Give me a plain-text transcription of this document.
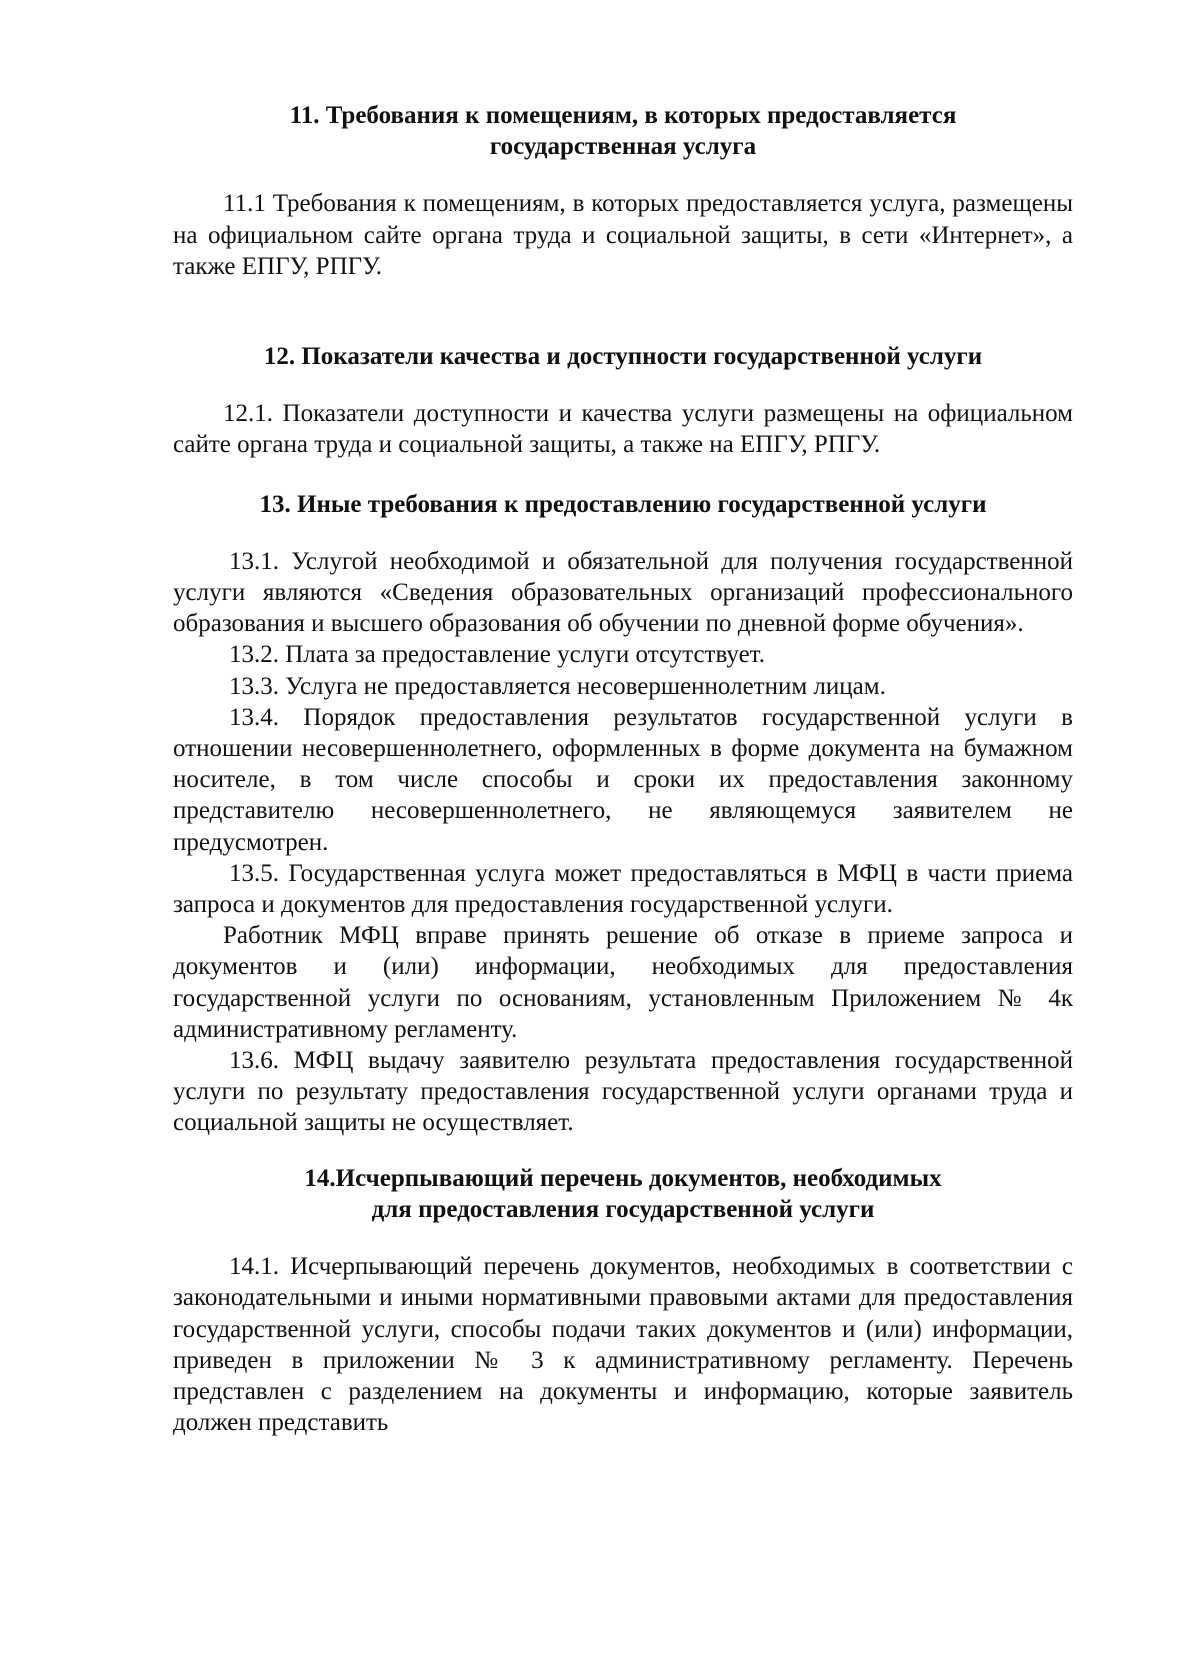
11. Требования к помещениям, в которых предоставляется
государственная услуга

11.1 Требования к помещениям, в которых предоставляется услуга, размещены на официальном сайте органа труда и социальной защиты, в сети «Интернет», а также ЕПГУ, РПГУ.

12. Показатели качества и доступности государственной услуги

12.1. Показатели доступности и качества услуги размещены на официальном сайте органа труда и социальной защиты, а также на ЕПГУ, РПГУ.

13. Иные требования к предоставлению государственной услуги

13.1. Услугой необходимой и обязательной для получения государственной услуги являются «Сведения образовательных организаций профессионального образования и высшего образования об обучении по дневной форме обучения».

13.2. Плата за предоставление услуги отсутствует.

13.3. Услуга не предоставляется несовершеннолетним лицам.

13.4. Порядок предоставления результатов государственной услуги в отношении несовершеннолетнего, оформленных в форме документа на бумажном носителе, в том числе способы и сроки их предоставления законному представителю несовершеннолетнего, не являющемуся заявителем не предусмотрен.

13.5. Государственная услуга может предоставляться в МФЦ в части приема запроса и документов для предоставления государственной услуги.

Работник МФЦ вправе принять решение об отказе в приеме запроса и документов и (или) информации, необходимых для предоставления государственной услуги по основаниям, установленным Приложением № 4к административному регламенту.

13.6. МФЦ выдачу заявителю результата предоставления государственной услуги по результату предоставления государственной услуги органами труда и социальной защиты не осуществляет.

14.Исчерпывающий перечень документов, необходимых
для предоставления государственной услуги

14.1. Исчерпывающий перечень документов, необходимых в соответствии с законодательными и иными нормативными правовыми актами для предоставления государственной услуги, способы подачи таких документов и (или) информации, приведен в приложении № 3 к административному регламенту. Перечень представлен с разделением на документы и информацию, которые заявитель должен представить
